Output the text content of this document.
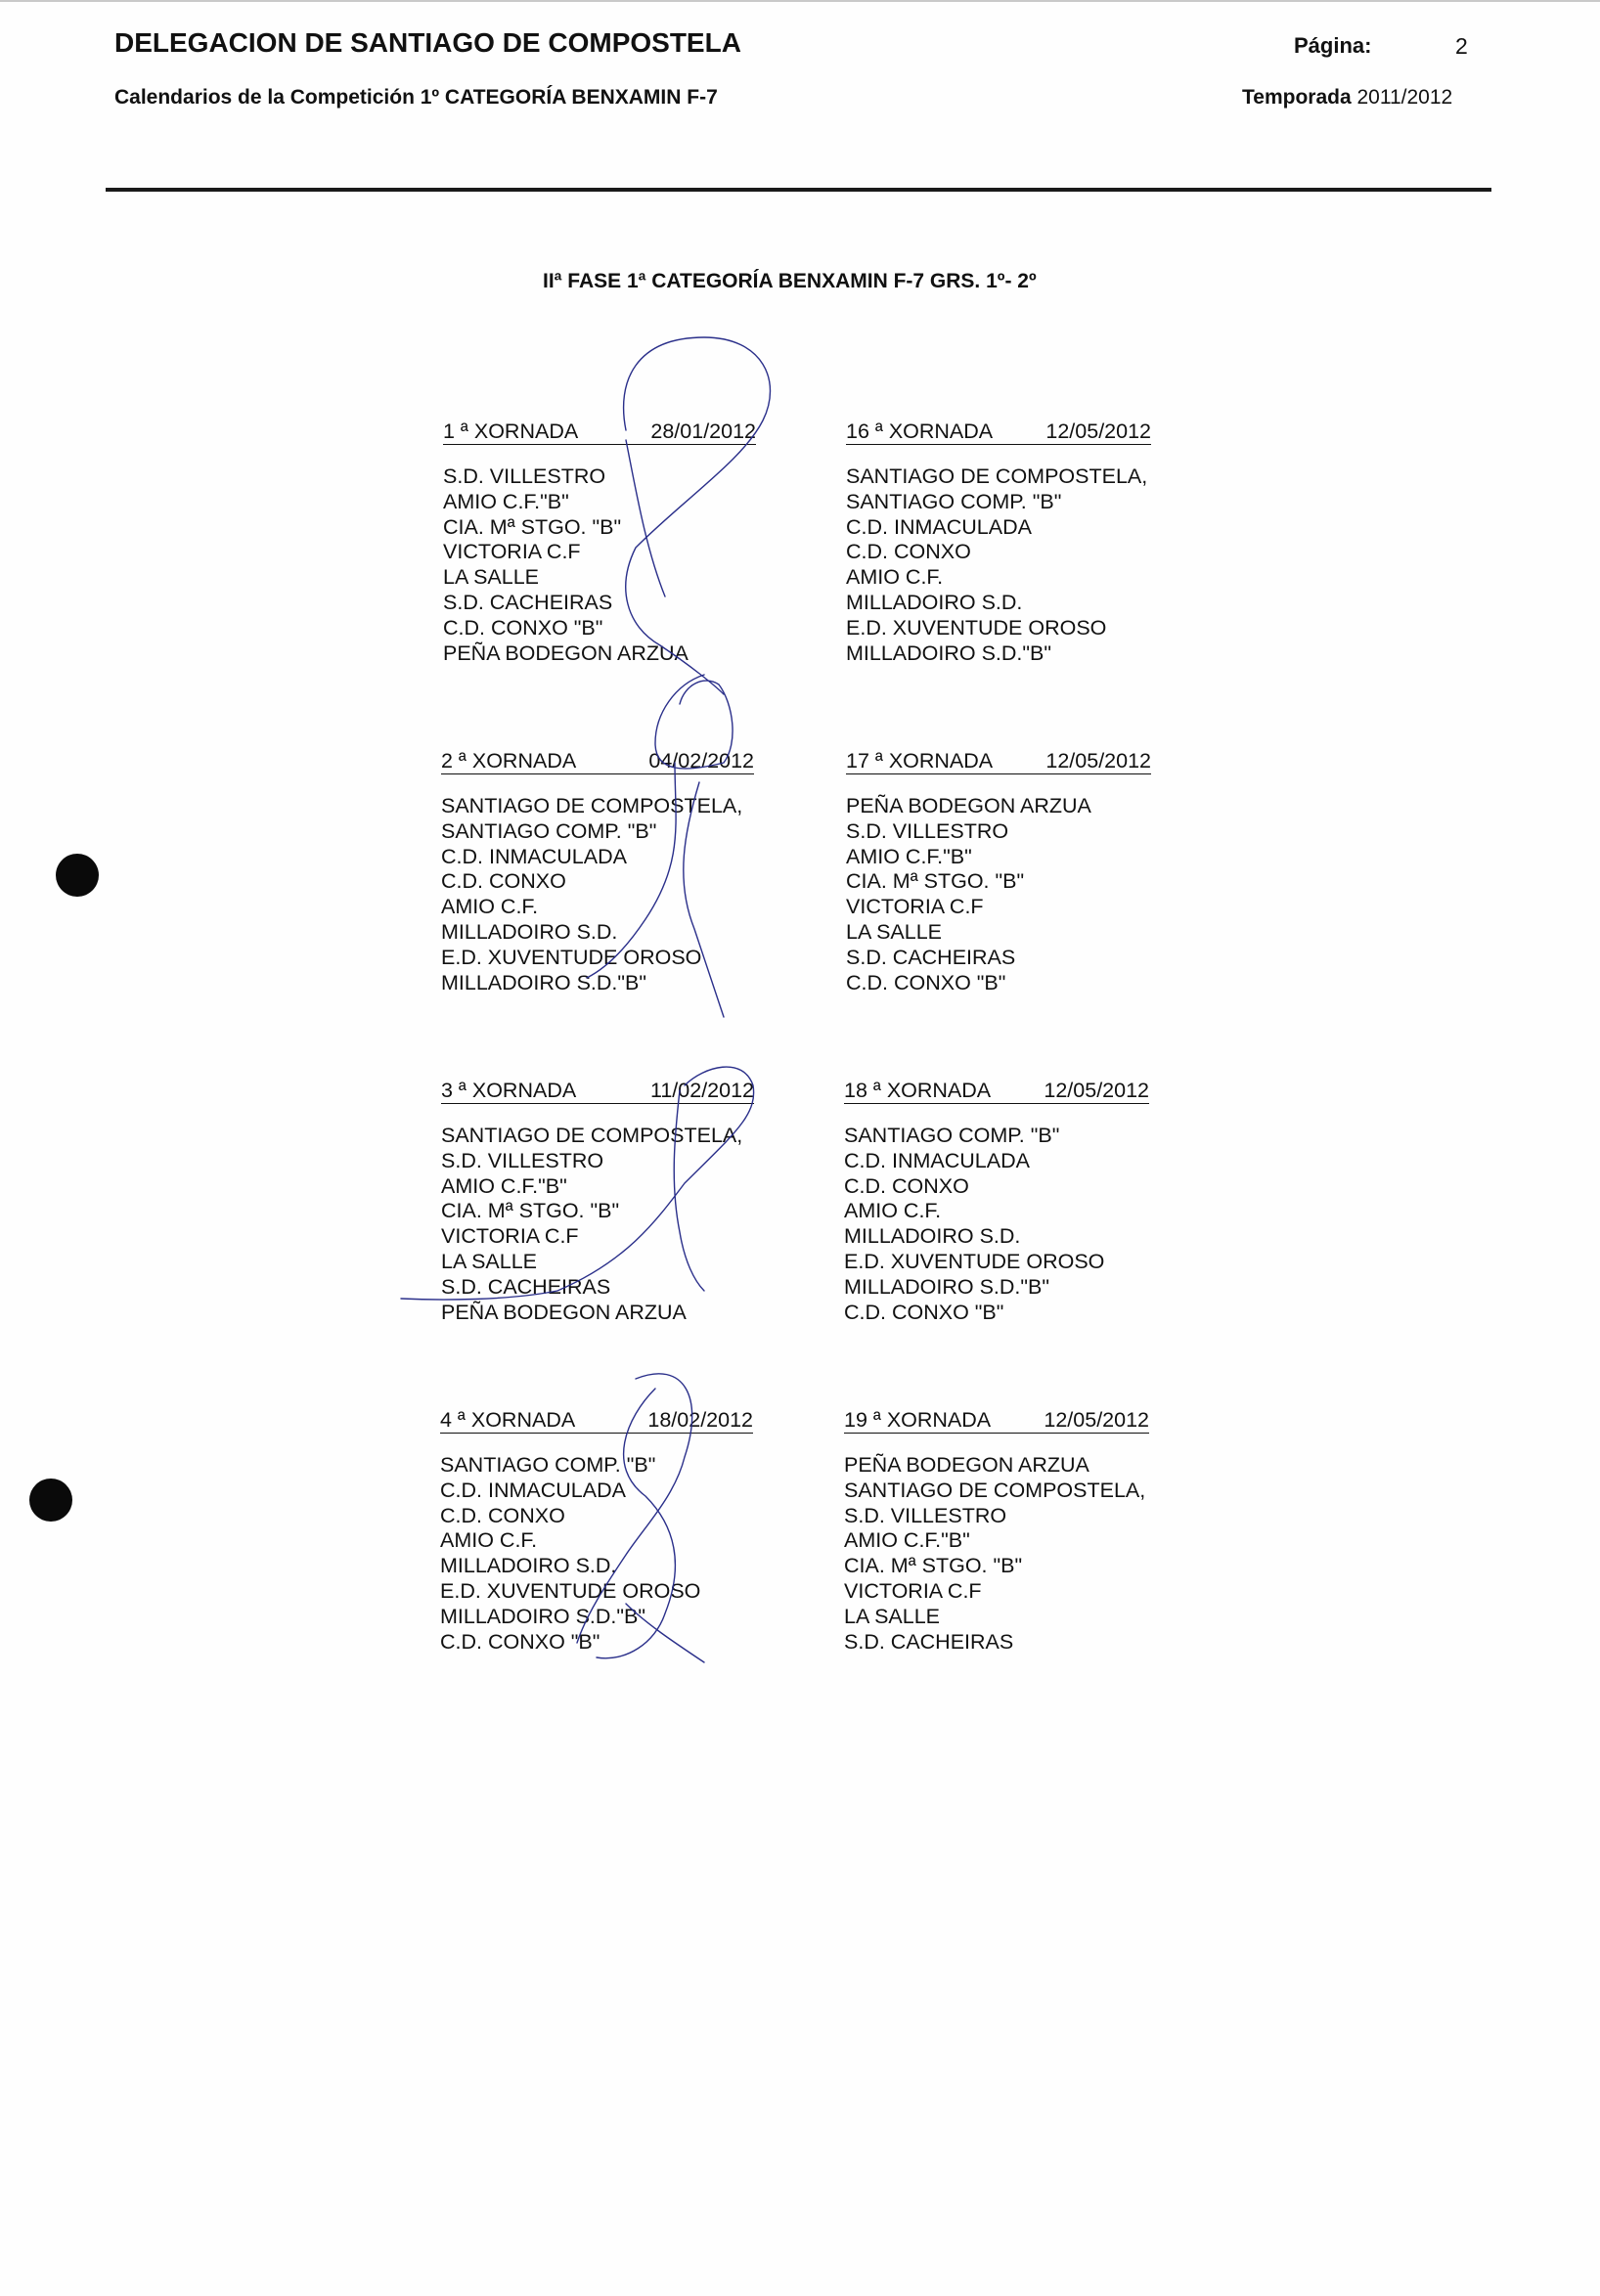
DELEGACION DE SANTIAGO DE COMPOSTELA	Página:	2
Calendarios de la Competición 1º CATEGORÍA BENXAMIN F-7	Temporada 2011/2012
IIª FASE 1ª CATEGORÍA BENXAMIN F-7 GRS. 1º- 2º
1 ª XORNADA	28/01/2012
S.D. VILLESTRO
AMIO C.F."B"
CIA. Mª STGO. "B"
VICTORIA C.F
LA SALLE
S.D. CACHEIRAS
C.D. CONXO "B"
PEÑA BODEGON ARZUA
2 ª XORNADA	04/02/2012
SANTIAGO DE COMPOSTELA,
SANTIAGO COMP. "B"
C.D. INMACULADA
C.D. CONXO
AMIO C.F.
MILLADOIRO S.D.
E.D. XUVENTUDE OROSO
MILLADOIRO S.D."B"
3 ª XORNADA	11/02/2012
SANTIAGO DE COMPOSTELA,
S.D. VILLESTRO
AMIO C.F."B"
CIA. Mª STGO. "B"
VICTORIA C.F
LA SALLE
S.D. CACHEIRAS
PEÑA BODEGON ARZUA
4 ª XORNADA	18/02/2012
SANTIAGO COMP. "B"
C.D. INMACULADA
C.D. CONXO
AMIO C.F.
MILLADOIRO S.D.
E.D. XUVENTUDE OROSO
MILLADOIRO S.D."B"
C.D. CONXO "B"
16 ª XORNADA	12/05/2012
SANTIAGO DE COMPOSTELA,
SANTIAGO COMP. "B"
C.D. INMACULADA
C.D. CONXO
AMIO C.F.
MILLADOIRO S.D.
E.D. XUVENTUDE OROSO
MILLADOIRO S.D."B"
17 ª XORNADA	12/05/2012
PEÑA BODEGON ARZUA
S.D. VILLESTRO
AMIO C.F."B"
CIA. Mª STGO. "B"
VICTORIA C.F
LA SALLE
S.D. CACHEIRAS
C.D. CONXO "B"
18 ª XORNADA	12/05/2012
SANTIAGO COMP. "B"
C.D. INMACULADA
C.D. CONXO
AMIO C.F.
MILLADOIRO S.D.
E.D. XUVENTUDE OROSO
MILLADOIRO S.D."B"
C.D. CONXO "B"
19 ª XORNADA	12/05/2012
PEÑA BODEGON ARZUA
SANTIAGO DE COMPOSTELA,
S.D. VILLESTRO
AMIO C.F."B"
CIA. Mª STGO. "B"
VICTORIA C.F
LA SALLE
S.D. CACHEIRAS
